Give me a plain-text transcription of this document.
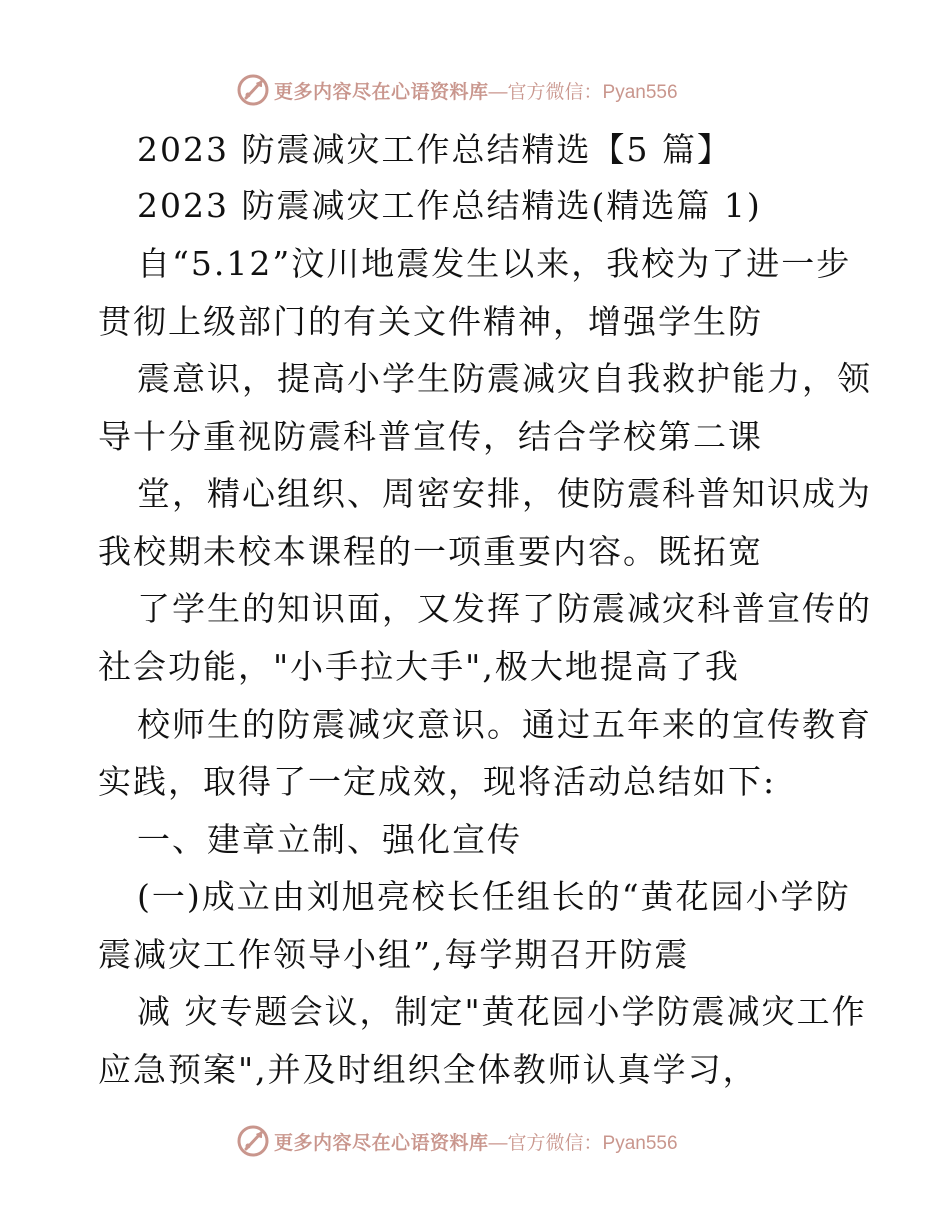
更多内容尽在心语资料库 —官方微信：Pyan556
2023 防震减灾工作总结精选【5 篇】
2023 防震减灾工作总结精选(精选篇 1)
自“5.12”汶川地震发生以来，我校为了进一步
贯彻上级部门的有关文件精神，增强学生防
震意识，提高小学生防震减灾自我救护能力，领
导十分重视防震科普宣传，结合学校第二课
堂，精心组织、周密安排，使防震科普知识成为
我校期未校本课程的一项重要内容。既拓宽
了学生的知识面，又发挥了防震减灾科普宣传的
社会功能，"小手拉大手",极大地提高了我
校师生的防震减灾意识。通过五年来的宣传教育
实践，取得了一定成效，现将活动总结如下:
一、建章立制、强化宣传
(一)成立由刘旭亮校长任组长的“黄花园小学防
震减灾工作领导小组”,每学期召开防震
减 灾专题会议，制定"黄花园小学防震减灾工作
应急预案",并及时组织全体教师认真学习，
更多内容尽在心语资料库 —官方微信：Pyan556
